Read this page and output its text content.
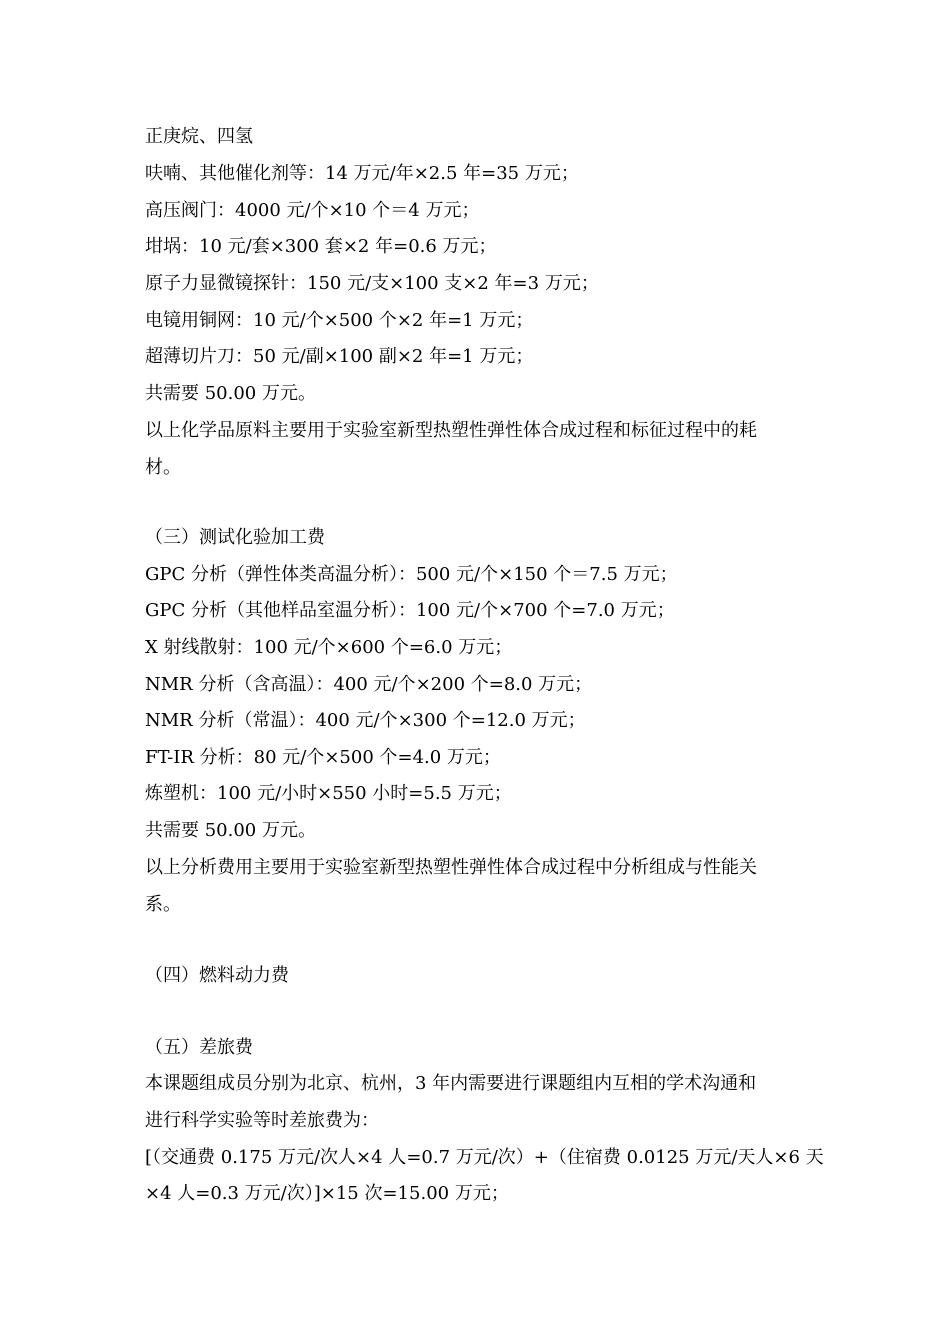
正庚烷、四氢
呋喃、其他催化剂等：14 万元/年×2.5 年=35 万元；
高压阀门：4000 元/个×10 个＝4 万元；
坩埚：10 元/套×300 套×2 年=0.6 万元；
原子力显微镜探针：150 元/支×100 支×2 年=3 万元；
电镜用铜网：10 元/个×500 个×2 年=1 万元；
超薄切片刀：50 元/副×100 副×2 年=1 万元；
共需要 50.00 万元。
以上化学品原料主要用于实验室新型热塑性弹性体合成过程和标征过程中的耗
材。
（三）测试化验加工费
GPC 分析（弹性体类高温分析）：500 元/个×150 个＝7.5 万元；
GPC 分析（其他样品室温分析）：100 元/个×700 个=7.0 万元；
X 射线散射：100 元/个×600 个=6.0 万元；
NMR 分析（含高温）：400 元/个×200 个=8.0 万元；
NMR 分析（常温）：400 元/个×300 个=12.0 万元；
FT-IR 分析：80 元/个×500 个=4.0 万元；
炼塑机：100 元/小时×550 小时=5.5 万元；
共需要 50.00 万元。
以上分析费用主要用于实验室新型热塑性弹性体合成过程中分析组成与性能关
系。
（四）燃料动力费
（五）差旅费
本课题组成员分别为北京、杭州，3 年内需要进行课题组内互相的学术沟通和
进行科学实验等时差旅费为：
[（交通费 0.175 万元/次人×4 人=0.7 万元/次）+（住宿费 0.0125 万元/天人×6 天
×4 人=0.3 万元/次）]×15 次=15.00 万元；
